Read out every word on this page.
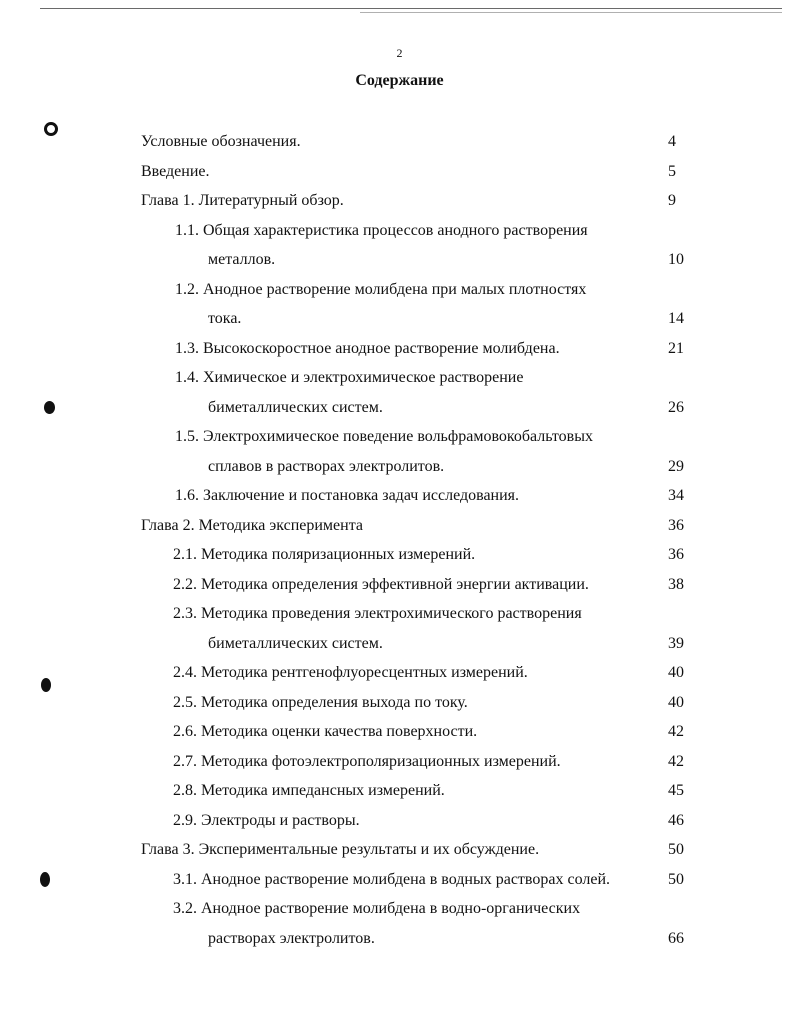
2
Содержание
Условные обозначения.	4
Введение.	5
Глава 1. Литературный обзор.	9
1.1. Общая характеристика процессов анодного растворения
металлов.	10
1.2. Анодное растворение молибдена при малых плотностях
тока.	14
1.3. Высокоскоростное анодное растворение молибдена.	21
1.4. Химическое и электрохимическое растворение
биметаллических систем.	26
1.5. Электрохимическое поведение вольфрамовокобальтовых
сплавов в растворах электролитов.	29
1.6. Заключение и постановка задач исследования.	34
Глава 2. Методика эксперимента	36
2.1. Методика поляризационных измерений.	36
2.2. Методика определения эффективной энергии активации.	38
2.3. Методика проведения электрохимического растворения
биметаллических систем.	39
2.4. Методика рентгенофлуоресцентных измерений.	40
2.5. Методика определения выхода по току.	40
2.6. Методика оценки качества поверхности.	42
2.7. Методика фотоэлектрополяризационных измерений.	42
2.8. Методика импедансных измерений.	45
2.9. Электроды и растворы.	46
Глава 3. Экспериментальные результаты и их обсуждение.	50
3.1. Анодное растворение молибдена в водных растворах солей.	50
3.2. Анодное растворение молибдена в водно-органических
растворах электролитов.	66
